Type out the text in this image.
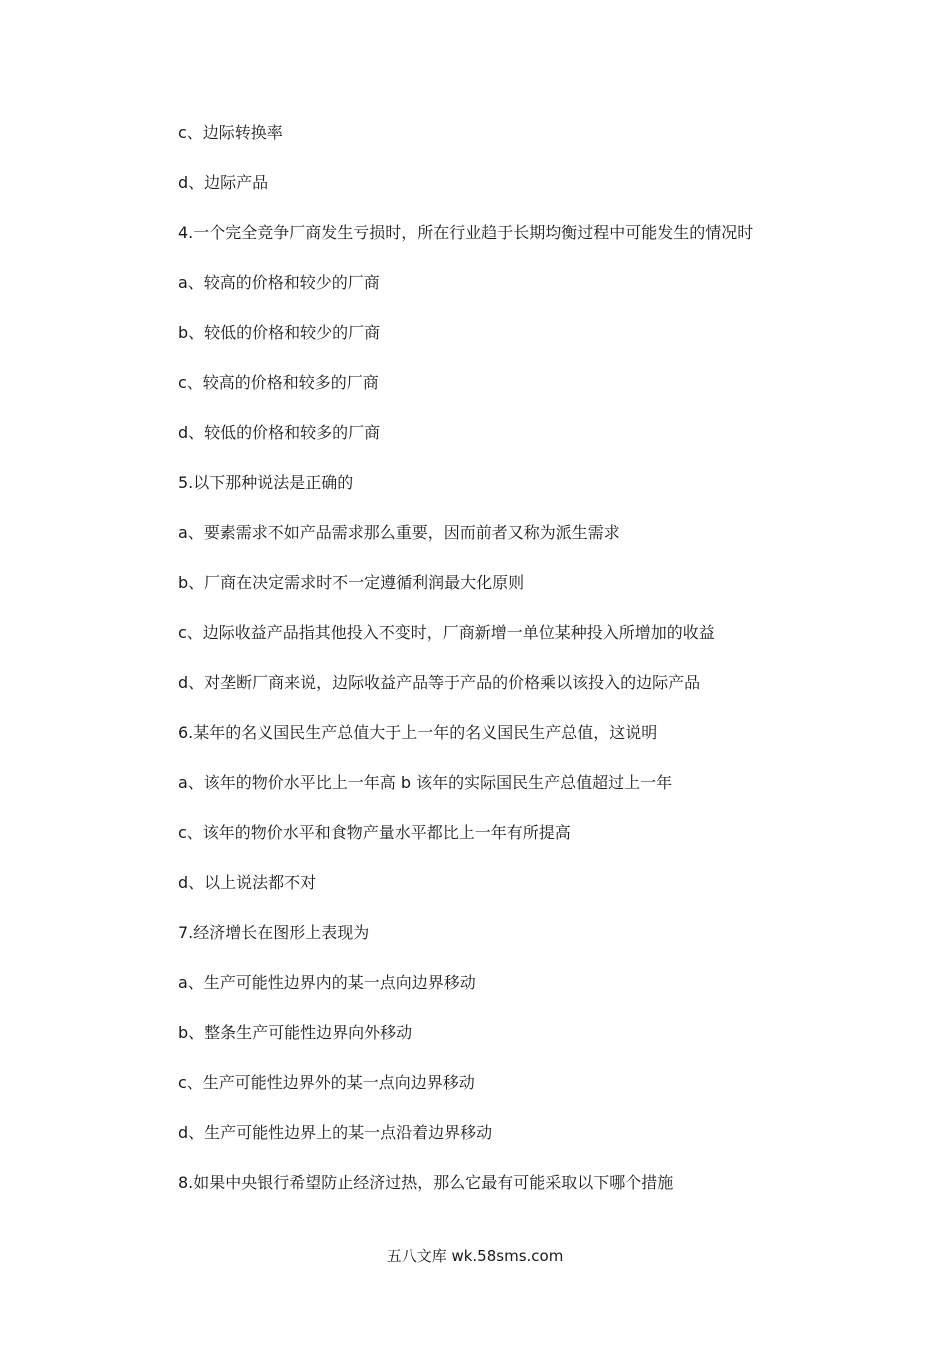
c、边际转换率
d、边际产品
4.一个完全竞争厂商发生亏损时，所在行业趋于长期均衡过程中可能发生的情况时
a、较高的价格和较少的厂商
b、较低的价格和较少的厂商
c、较高的价格和较多的厂商
d、较低的价格和较多的厂商
5.以下那种说法是正确的
a、要素需求不如产品需求那么重要，因而前者又称为派生需求
b、厂商在决定需求时不一定遵循利润最大化原则
c、边际收益产品指其他投入不变时，厂商新增一单位某种投入所增加的收益
d、对垄断厂商来说，边际收益产品等于产品的价格乘以该投入的边际产品
6.某年的名义国民生产总值大于上一年的名义国民生产总值，这说明
a、该年的物价水平比上一年高 b 该年的实际国民生产总值超过上一年
c、该年的物价水平和食物产量水平都比上一年有所提高
d、以上说法都不对
7.经济增长在图形上表现为
a、生产可能性边界内的某一点向边界移动
b、整条生产可能性边界向外移动
c、生产可能性边界外的某一点向边界移动
d、生产可能性边界上的某一点沿着边界移动
8.如果中央银行希望防止经济过热，那么它最有可能采取以下哪个措施
五八文库 wk.58sms.com
